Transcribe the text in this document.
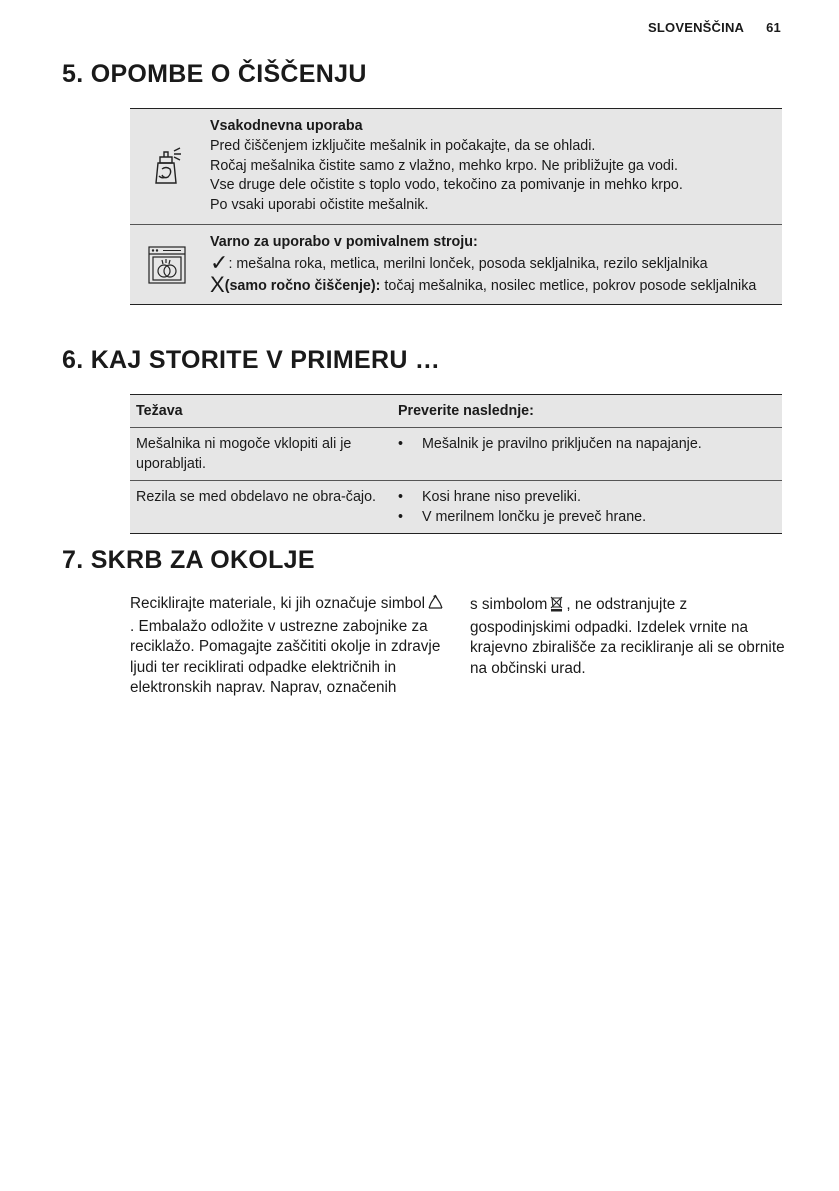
SLOVENŠČINA 61
5. OPOMBE O ČIŠČENJU
Vsakodnevna uporaba
Pred čiščenjem izključite mešalnik in počakajte, da se ohladi.
Ročaj mešalnika čistite samo z vlažno, mehko krpo. Ne približujte ga vodi.
Vse druge dele očistite s toplo vodo, tekočino za pomivanje in mehko krpo.
Po vsaki uporabi očistite mešalnik.
Varno za uporabo v pomivalnem stroju:
✓: mešalna roka, metlica, merilni lonček, posoda sekljalnika, rezilo sekljalnika
X(samo ročno čiščenje): točaj mešalnika, nosilec metlice, pokrov posode sekljalnika
6. KAJ STORITE V PRIMERU …
Težava	Preverite naslednje:
Mešalnika ni mogoče vklopiti ali je uporabljati.
• Mešalnik je pravilno priključen na napajanje.
Rezila se med obdelavo ne obra-čajo.	• Kosi hrane niso preveliki.
• V merilnem lončku je preveč hrane.
7. SKRB ZA OKOLJE
Reciklirajte materiale, ki jih označuje simbol. Embalažo odložite v ustrezne zabojnike za reciklažo. Pomagajte zaščititi okolje in zdravje ljudi ter reciklirati odpadke električnih in elektronskih naprav. Naprav, označenih
s simbolom , ne odstranjujte z gospodinjskimi odpadki. Izdelek vrnite na krajevno zbirališče za recikliranje ali se obrnite na občinski urad.
